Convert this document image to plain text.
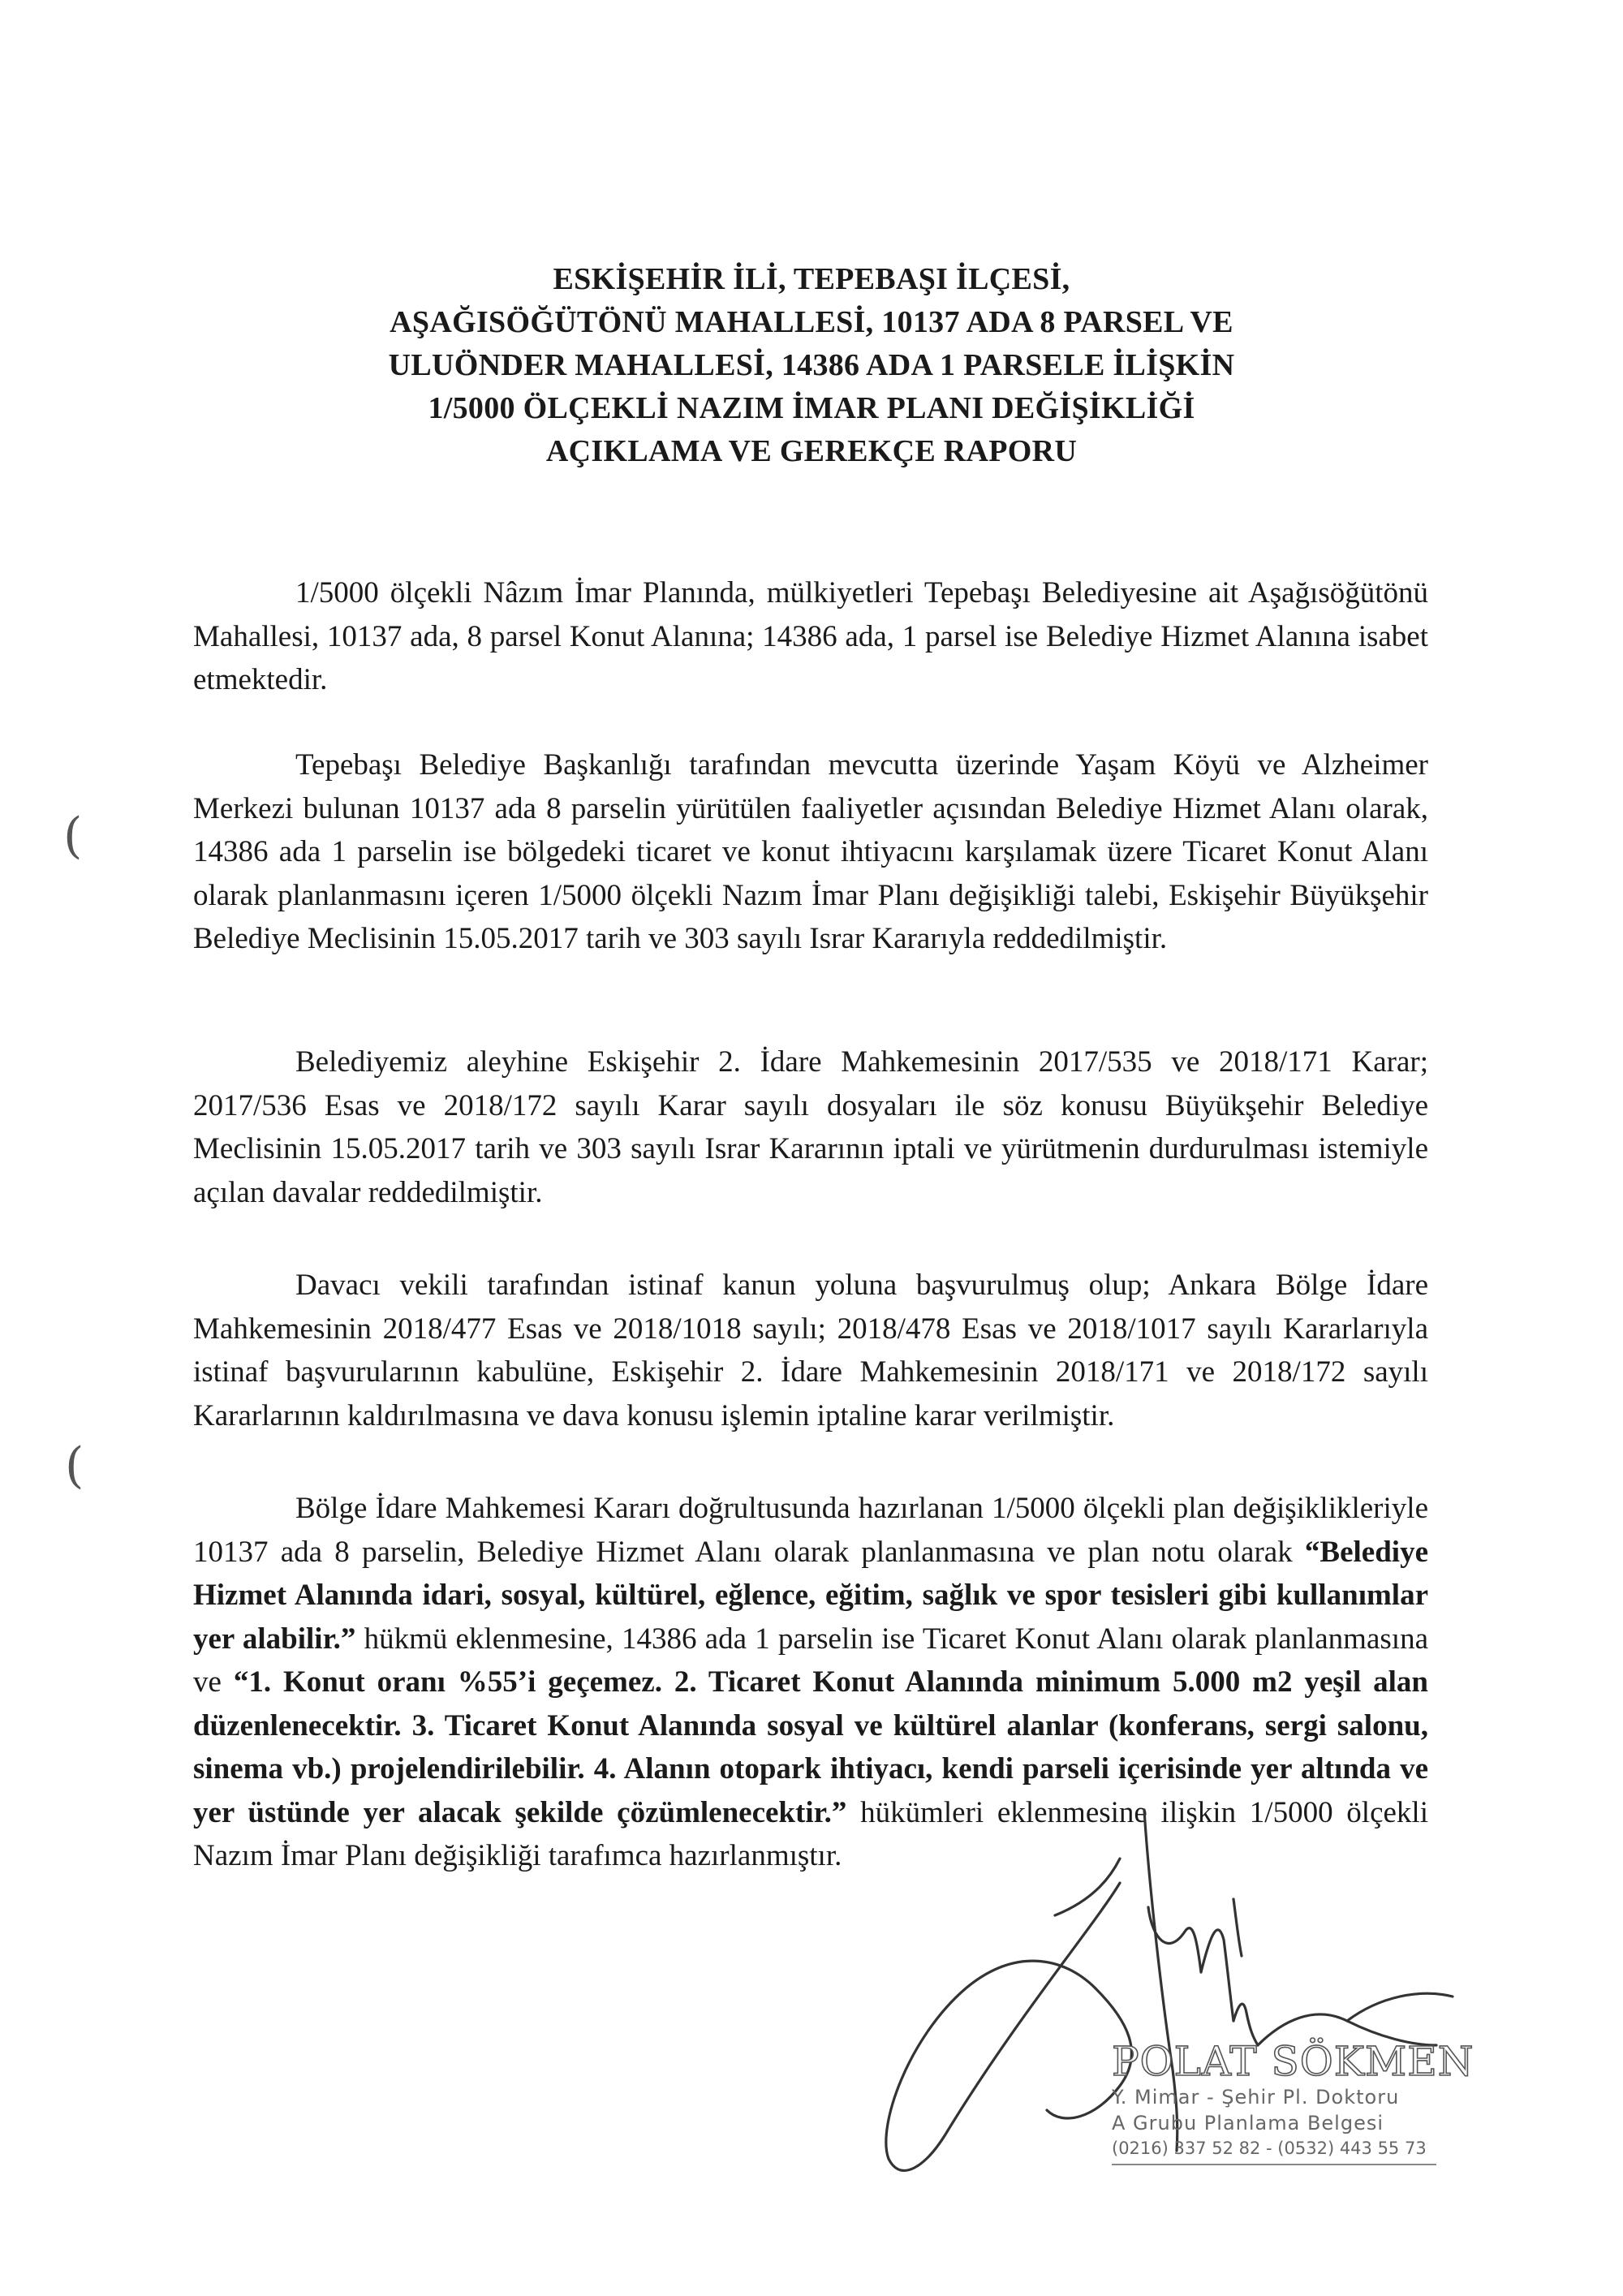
ESKİŞEHİR İLİ, TEPEBAŞI İLÇESİ,
AŞAĞISÖĞÜTÖNÜ MAHALLESİ, 10137 ADA 8 PARSEL VE
ULUÖNDER MAHALLESİ, 14386 ADA 1 PARSELE İLİŞKİN
1/5000 ÖLÇEKLİ NAZIM İMAR PLANI DEĞİŞİKLİĞİ
AÇIKLAMA VE GEREKÇE RAPORU

1/5000 ölçekli Nâzım İmar Planında, mülkiyetleri Tepebaşı Belediyesine ait Aşağısöğütönü Mahallesi, 10137 ada, 8 parsel Konut Alanına; 14386 ada, 1 parsel ise Belediye Hizmet Alanına isabet etmektedir.

Tepebaşı Belediye Başkanlığı tarafından mevcutta üzerinde Yaşam Köyü ve Alzheimer Merkezi bulunan 10137 ada 8 parselin yürütülen faaliyetler açısından Belediye Hizmet Alanı olarak, 14386 ada 1 parselin ise bölgedeki ticaret ve konut ihtiyacını karşılamak üzere Ticaret Konut Alanı olarak planlanmasını içeren 1/5000 ölçekli Nazım İmar Planı değişikliği talebi, Eskişehir Büyükşehir Belediye Meclisinin 15.05.2017 tarih ve 303 sayılı Israr Kararıyla reddedilmiştir.

Belediyemiz aleyhine Eskişehir 2. İdare Mahkemesinin 2017/535 ve 2018/171 Karar; 2017/536 Esas ve 2018/172 sayılı Karar sayılı dosyaları ile söz konusu Büyükşehir Belediye Meclisinin 15.05.2017 tarih ve 303 sayılı Israr Kararının iptali ve yürütmenin durdurulması istemiyle açılan davalar reddedilmiştir.

Davacı vekili tarafından istinaf kanun yoluna başvurulmuş olup; Ankara Bölge İdare Mahkemesinin 2018/477 Esas ve 2018/1018 sayılı; 2018/478 Esas ve 2018/1017 sayılı Kararlarıyla istinaf başvurularının kabulüne, Eskişehir 2. İdare Mahkemesinin 2018/171 ve 2018/172 sayılı Kararlarının kaldırılmasına ve dava konusu işlemin iptaline karar verilmiştir.

Bölge İdare Mahkemesi Kararı doğrultusunda hazırlanan 1/5000 ölçekli plan değişiklikleriyle 10137 ada 8 parselin, Belediye Hizmet Alanı olarak planlanmasına ve plan notu olarak “Belediye Hizmet Alanında idari, sosyal, kültürel, eğlence, eğitim, sağlık ve spor tesisleri gibi kullanımlar yer alabilir.” hükmü eklenmesine, 14386 ada 1 parselin ise Ticaret Konut Alanı olarak planlanmasına ve “1. Konut oranı %55’i geçemez. 2. Ticaret Konut Alanında minimum 5.000 m2 yeşil alan düzenlenecektir. 3. Ticaret Konut Alanında sosyal ve kültürel alanlar (konferans, sergi salonu, sinema vb.) projelendirilebilir. 4. Alanın otopark ihtiyacı, kendi parseli içerisinde yer altında ve yer üstünde yer alacak şekilde çözümlenecektir.” hükümleri eklenmesine ilişkin 1/5000 ölçekli Nazım İmar Planı değişikliği tarafımca hazırlanmıştır.

(
(
POLAT SÖKMEN
Y. Mimar - Şehir Pl. Doktoru
A Grubu Planlama Belgesi
(0216) 337 52 82 - (0532) 443 55 73
